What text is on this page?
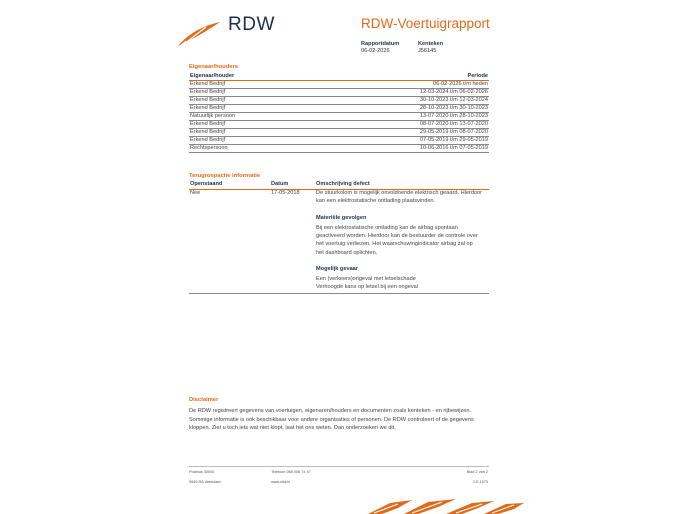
RDW	RDW-Voertuigrapport
Rapportdatum
06-02-2026
Kenteken
J56145
Eigenaar/houders
Eigenaar/houder	Periode
Erkend Bedrijf	06-02-2026 t/m heden
Erkend Bedrijf	12-03-2024 t/m 06-02-2026
Erkend Bedrijf	30-10-2023 t/m 12-03-2024
Erkend Bedrijf	28-10-2023 t/m 30-10-2023
Natuurlijk persoon	13-07-2020 t/m 28-10-2023
Erkend Bedrijf	08-07-2020 t/m 13-07-2020
Erkend Bedrijf	29-05-2019 t/m 08-07-2020
Erkend Bedrijf	07-05-2019 t/m 29-05-2019
Rechtspersoon	10-06-2016 t/m 07-05-2019
Terugroepactie informatie
Openstaand	Datum	Omschrijving defect
Nee	17-05-2018	De stuurkolom is mogelijk onvoldoende elektrisch geaard. Hierdoor
kan een elektrostatische ontlading plaatsvinden.
Materiële gevolgen
Bij een elektrostatische ontlading kan de airbag spontaan
geactiveerd worden. Hierdoor kan de bestuurder de controle over
het voertuig verliezen. Het waarschuwingindicator airbag zal op
het dashboard oplichten.
Mogelijk gevaar
Een (verkeers)ongeval met letselschade
Verhoogde kans op letsel bij een ongeval
Disclaimer
De RDW registreert gegevens van voertuigen, eigenaren/houders en documenten zoals kenteken - en rijbewijzen.
Sommige informatie is ook beschikbaar voor andere organisaties of personen. De RDW controleert of de gegevens
kloppen. Ziet u toch iets wat niet klopt, laat het ons weten. Dan onderzoeken we dit.
Postbus 30000
9640 RA Veendam
Telefoon 088 008 74 47
www.rdw.nl
Blad 2 van 2
2.E.1979
